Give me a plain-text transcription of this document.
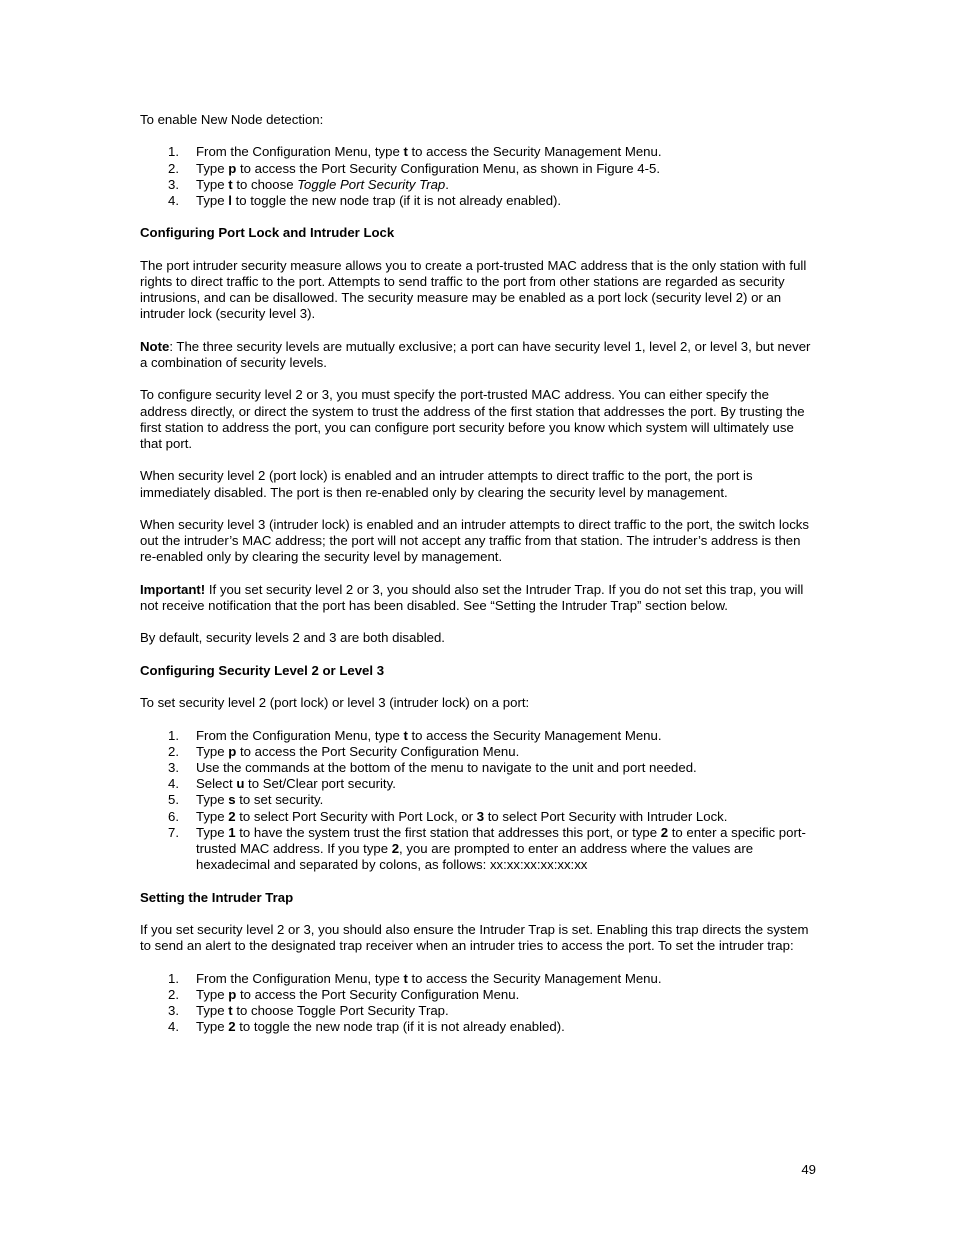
To enable New Node detection:

1. From the Configuration Menu, type t to access the Security Management Menu.
2. Type p to access the Port Security Configuration Menu, as shown in Figure 4-5.
3. Type t to choose Toggle Port Security Trap.
4. Type l to toggle the new node trap (if it is not already enabled).
Configuring Port Lock and Intruder Lock

The port intruder security measure allows you to create a port-trusted MAC address that is the only station with full rights to direct traffic to the port. Attempts to send traffic to the port from other stations are regarded as security intrusions, and can be disallowed. The security measure may be enabled as a port lock (security level 2) or an intruder lock (security level 3).

Note: The three security levels are mutually exclusive; a port can have security level 1, level 2, or level 3, but never a combination of security levels.

To configure security level 2 or 3, you must specify the port-trusted MAC address. You can either specify the address directly, or direct the system to trust the address of the first station that addresses the port. By trusting the first station to address the port, you can configure port security before you know which system will ultimately use that port.

When security level 2 (port lock) is enabled and an intruder attempts to direct traffic to the port, the port is immediately disabled. The port is then re-enabled only by clearing the security level by management.

When security level 3 (intruder lock) is enabled and an intruder attempts to direct traffic to the port, the switch locks out the intruder’s MAC address; the port will not accept any traffic from that station. The intruder’s address is then re-enabled only by clearing the security level by management.

Important! If you set security level 2 or 3, you should also set the Intruder Trap. If you do not set this trap, you will not receive notification that the port has been disabled. See “Setting the Intruder Trap” section below.

By default, security levels 2 and 3 are both disabled.

Configuring Security Level 2 or Level 3

To set security level 2 (port lock) or level 3 (intruder lock) on a port:

1. From the Configuration Menu, type t to access the Security Management Menu.
2. Type p to access the Port Security Configuration Menu.
3. Use the commands at the bottom of the menu to navigate to the unit and port needed.
4. Select u to Set/Clear port security.
5. Type s to set security.
6. Type 2 to select Port Security with Port Lock, or 3 to select Port Security with Intruder Lock.
7. Type 1 to have the system trust the first station that addresses this port, or type 2 to enter a specific port-trusted MAC address. If you type 2, you are prompted to enter an address where the values are hexadecimal and separated by colons, as follows: xx:xx:xx:xx:xx:xx
Setting the Intruder Trap

If you set security level 2 or 3, you should also ensure the Intruder Trap is set. Enabling this trap directs the system to send an alert to the designated trap receiver when an intruder tries to access the port. To set the intruder trap:

1. From the Configuration Menu, type t to access the Security Management Menu.
2. Type p to access the Port Security Configuration Menu.
3. Type t to choose Toggle Port Security Trap.
4. Type 2 to toggle the new node trap (if it is not already enabled).
49
